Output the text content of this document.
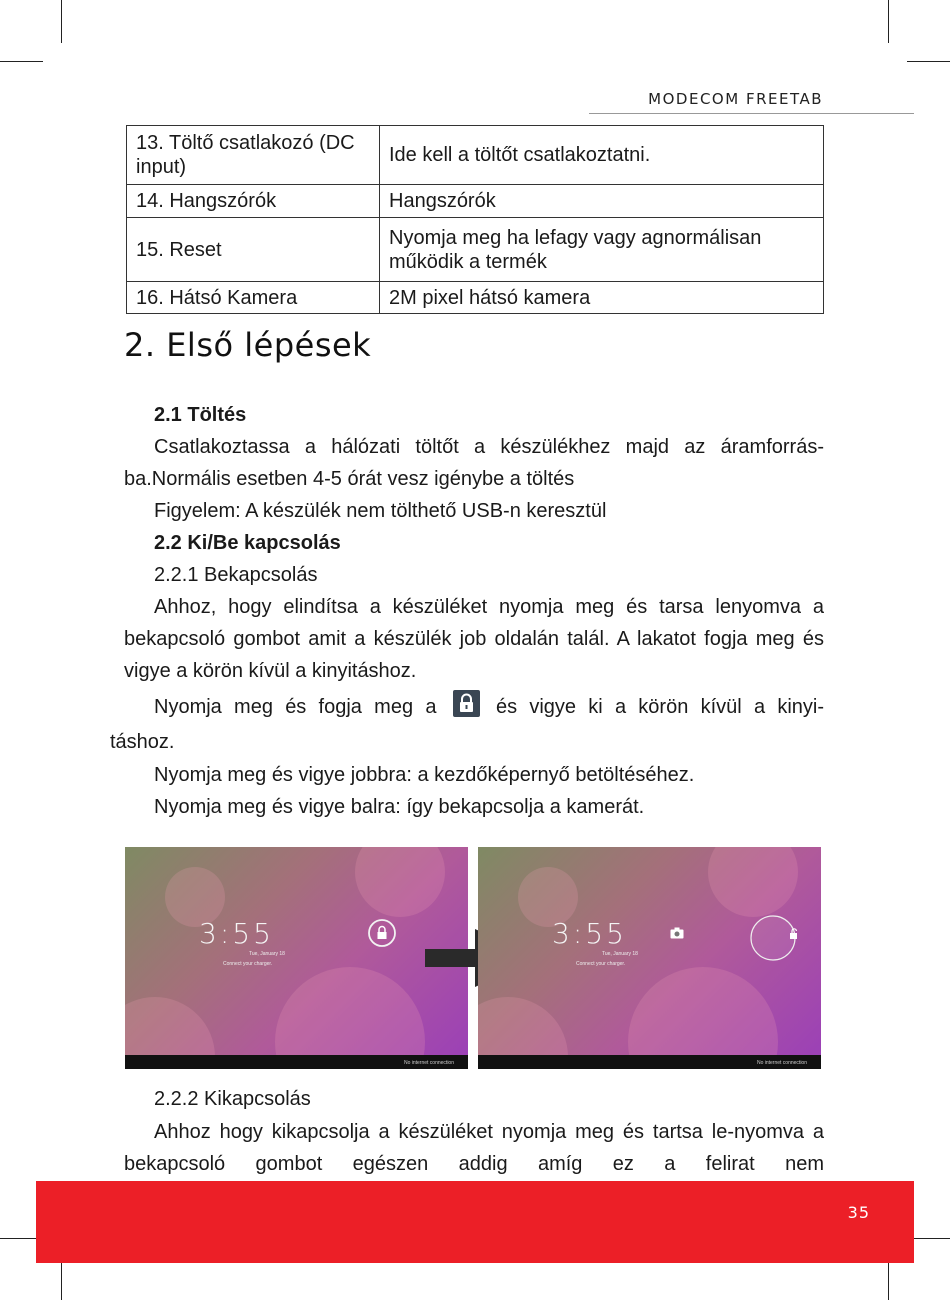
MODECOM FREETAB
13. Töltő csatlakozó (DC input)	Ide kell a töltőt csatlakoztatni.
14. Hangszórók	Hangszórók
15. Reset	Nyomja meg ha lefagy vagy agnormálisan működik a termék
16. Hátsó Kamera	2M pixel hátsó kamera
2. Első lépések

2.1 Töltés

Csatlakoztassa a hálózati töltőt a készülékhez majd az áramforrás-ba.Normális esetben 4-5 órát vesz igénybe a töltés

Figyelem: A készülék nem tölthető USB-n keresztül

2.2 Ki/Be kapcsolás

2.2.1 Bekapcsolás

Ahhoz, hogy elindítsa a készüléket nyomja meg és tarsa lenyomva a bekapcsoló gombot amit a készülék job oldalán talál. A lakatot fogja meg és vigye a körön kívül a kinyitáshoz.

Nyomja meg és fogja meg a	és vigye ki a körön kívül a kinyi-

táshoz.

Nyomja meg és vigye jobbra: a kezdőképernyő betöltéséhez.

Nyomja meg és vigye balra: így bekapcsolja a kamerát.

3:55
Tue, January 18
Connect your charger.
No internet connection
3:55
Tue, January 18
Connect your charger.
No internet connection

2.2.2 Kikapcsolás

Ahhoz hogy kikapcsolja a készüléket nyomja meg és tartsa le-nyomva a bekapcsoló gombot egészen addig amíg ez a felirat nem

35
